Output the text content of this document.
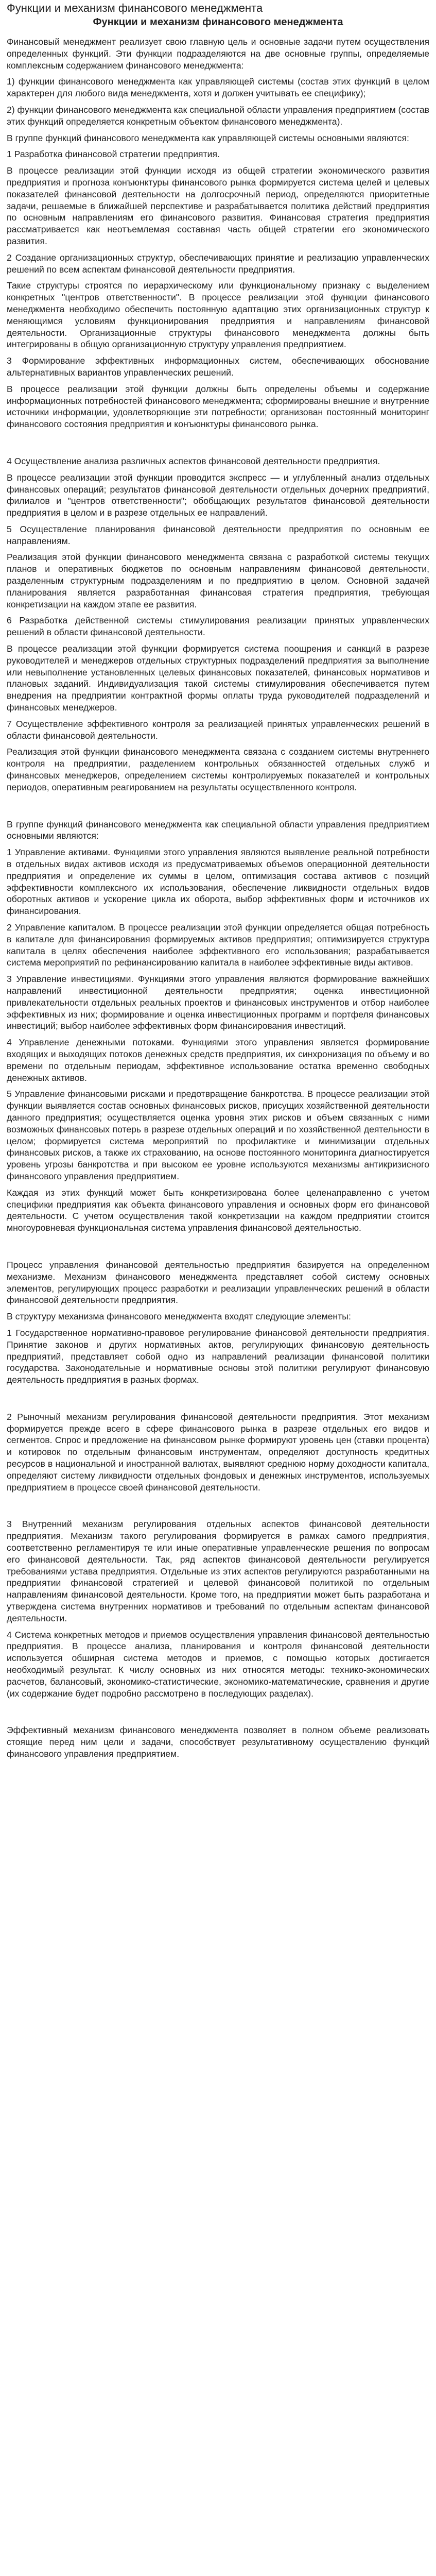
Функции и механизм финансового менеджмента
Функции и механизм финансового менеджмента

Финансовый менеджмент реализует свою главную цель и основные задачи путем осуществления определенных функций. Эти функции подразделяются на две основные группы, определяемые комплексным содержанием финансового менеджмента:

1) функции финансового менеджмента как управляющей системы (состав этих функций в целом характерен для любого вида менеджмента, хотя и должен учитывать ее специфику);

2) функции финансового менеджмента как специальной области управления предприятием (состав этих функций определяется конкретным объектом финансового менеджмента).

В группе функций финансового менеджмента как управляющей системы основными являются:

1 Разработка финансовой стратегии предприятия.

В процессе реализации этой функции исходя из общей стратегии экономического развития предприятия и прогноза конъюнктуры финансового рынка формируется система целей и целевых показателей финансовой деятельности на долгосрочный период, определяются приоритетные задачи, решаемые в ближайшей перспективе и разрабатывается политика действий предприятия по основным направлениям его финансового развития. Финансовая стратегия предприятия рассматривается как неотъемлемая составная часть общей стратегии его экономического развития.

2 Создание организационных структур, обеспечивающих принятие и реализацию управленческих решений по всем аспектам финансовой деятельности предприятия.

Такие структуры строятся по иерархическому или функциональному признаку с выделением конкретных "центров ответственности". В процессе реализации этой функции финансового менеджмента необходимо обеспечить постоянную адаптацию этих организационных структур к меняющимся условиям функционирования предприятия и направлениям финансовой деятельности. Организационные структуры финансового менеджмента должны быть интегрированы в общую организационную структуру управления предприятием.

3 Формирование эффективных информационных систем, обеспечивающих обоснование альтернативных вариантов управленческих решений.

В процессе реализации этой функции должны быть определены объемы и содержание информационных потребностей финансового менеджмента; сформированы внешние и внутренние источники информации, удовлетворяющие эти потребности; организован постоянный мониторинг финансового состояния предприятия и конъюнктуры финансового рынка.

4 Осуществление анализа различных аспектов финансовой деятельности предприятия.

В процессе реализации этой функции проводится экспресс — и углубленный анализ отдельных финансовых операций; результатов финансовой деятельности отдельных дочерних предприятий, филиалов и "центров ответственности"; обобщающих результатов финансовой деятельности предприятия в целом и в разрезе отдельных ее направлений.

5 Осуществление планирования финансовой деятельности предприятия по основным ее направлениям.

Реализация этой функции финансового менеджмента связана с разработкой системы текущих планов и оперативных бюджетов по основным направлениям финансовой деятельности, разделенным структурным подразделениям и по предприятию в целом. Основной задачей планирования является разработанная финансовая стратегия предприятия, требующая конкретизации на каждом этапе ее развития.

6 Разработка действенной системы стимулирования реализации принятых управленческих решений в области финансовой деятельности.

В процессе реализации этой функции формируется система поощрения и санкций в разрезе руководителей и менеджеров отдельных структурных подразделений предприятия за выполнение или невыполнение установленных целевых финансовых показателей, финансовых нормативов и плановых заданий. Индивидуализация такой системы стимулирования обеспечивается путем внедрения на предприятии контрактной формы оплаты труда руководителей подразделений и финансовых менеджеров.

7 Осуществление эффективного контроля за реализацией принятых управленческих решений в области финансовой деятельности.

Реализация этой функции финансового менеджмента связана с созданием системы внутреннего контроля на предприятии, разделением контрольных обязанностей отдельных служб и финансовых менеджеров, определением системы контролируемых показателей и контрольных периодов, оперативным реагированием на результаты осуществленного контроля.

В группе функций финансового менеджмента как специальной области управления предприятием основными являются:

1 Управление активами. Функциями этого управления являются выявление реальной потребности в отдельных видах активов исходя из предусматриваемых объемов операционной деятельности предприятия и определение их суммы в целом, оптимизация состава активов с позиций эффективности комплексного их использования, обеспечение ликвидности отдельных видов оборотных активов и ускорение цикла их оборота, выбор эффективных форм и источников их финансирования.

2 Управление капиталом. В процессе реализации этой функции определяется общая потребность в капитале для финансирования формируемых активов предприятия; оптимизируется структура капитала в целях обеспечения наиболее эффективного его использования; разрабатывается система мероприятий по рефинансированию капитала в наиболее эффективные виды активов.

3 Управление инвестициями. Функциями этого управления являются формирование важнейших направлений инвестиционной деятельности предприятия; оценка инвестиционной привлекательности отдельных реальных проектов и финансовых инструментов и отбор наиболее эффективных из них; формирование и оценка инвестиционных программ и портфеля финансовых инвестиций; выбор наиболее эффективных форм финансирования инвестиций.

4 Управление денежными потоками. Функциями этого управления является формирование входящих и выходящих потоков денежных средств предприятия, их синхронизация по объему и во времени по отдельным периодам, эффективное использование остатка временно свободных денежных активов.

5 Управление финансовыми рисками и предотвращение банкротства. В процессе реализации этой функции выявляется состав основных финансовых рисков, присущих хозяйственной деятельности данного предприятия; осуществляется оценка уровня этих рисков и объем связанных с ними возможных финансовых потерь в разрезе отдельных операций и по хозяйственной деятельности в целом; формируется система мероприятий по профилактике и минимизации отдельных финансовых рисков, а также их страхованию, на основе постоянного мониторинга диагностируется уровень угрозы банкротства и при высоком ее уровне используются механизмы антикризисного финансового управления предприятием.

Каждая из этих функций может быть конкретизирована более целенаправленно с учетом специфики предприятия как объекта финансового управления и основных форм его финансовой деятельности. С учетом осуществления такой конкретизации на каждом предприятии стоится многоуровневая функциональная система управления финансовой деятельностью.

Процесс управления финансовой деятельностью предприятия базируется на определенном механизме. Механизм финансового менеджмента представляет собой систему основных элементов, регулирующих процесс разработки и реализации управленческих решений в области финансовой деятельности предприятия.

В структуру механизма финансового менеджмента входят следующие элементы:

1 Государственное нормативно-правовое регулирование финансовой деятельности предприятия. Принятие законов и других нормативных актов, регулирующих финансовую деятельность предприятий, представляет собой одно из направлений реализации финансовой политики государства. Законодательные и нормативные основы этой политики регулируют финансовую деятельность предприятия в разных формах.

2 Рыночный механизм регулирования финансовой деятельности предприятия. Этот механизм формируется прежде всего в сфере финансового рынка в разрезе отдельных его видов и сегментов. Спрос и предложение на финансовом рынке формируют уровень цен (ставки процента) и котировок по отдельным финансовым инструментам, определяют доступность кредитных ресурсов в национальной и иностранной валютах, выявляют среднюю норму доходности капитала, определяют систему ликвидности отдельных фондовых и денежных инструментов, используемых предприятием в процессе своей финансовой деятельности.

3 Внутренний механизм регулирования отдельных аспектов финансовой деятельности предприятия. Механизм такого регулирования формируется в рамках самого предприятия, соответственно регламентируя те или иные оперативные управленческие решения по вопросам его финансовой деятельности. Так, ряд аспектов финансовой деятельности регулируется требованиями устава предприятия. Отдельные из этих аспектов регулируются разработанными на предприятии финансовой стратегией и целевой финансовой политикой по отдельным направлениям финансовой деятельности. Кроме того, на предприятии может быть разработана и утверждена система внутренних нормативов и требований по отдельным аспектам финансовой деятельности.

4 Система конкретных методов и приемов осуществления управления финансовой деятельностью предприятия. В процессе анализа, планирования и контроля финансовой деятельности используется обширная система методов и приемов, с помощью которых достигается необходимый результат. К числу основных из них относятся методы: технико-экономических расчетов, балансовый, экономико-статистические, экономико-математические, сравнения и другие (их содержание будет подробно рассмотрено в последующих разделах).

Эффективный механизм финансового менеджмента позволяет в полном объеме реализовать стоящие перед ним цели и задачи, способствует результативному осуществлению функций финансового управления предприятием.
